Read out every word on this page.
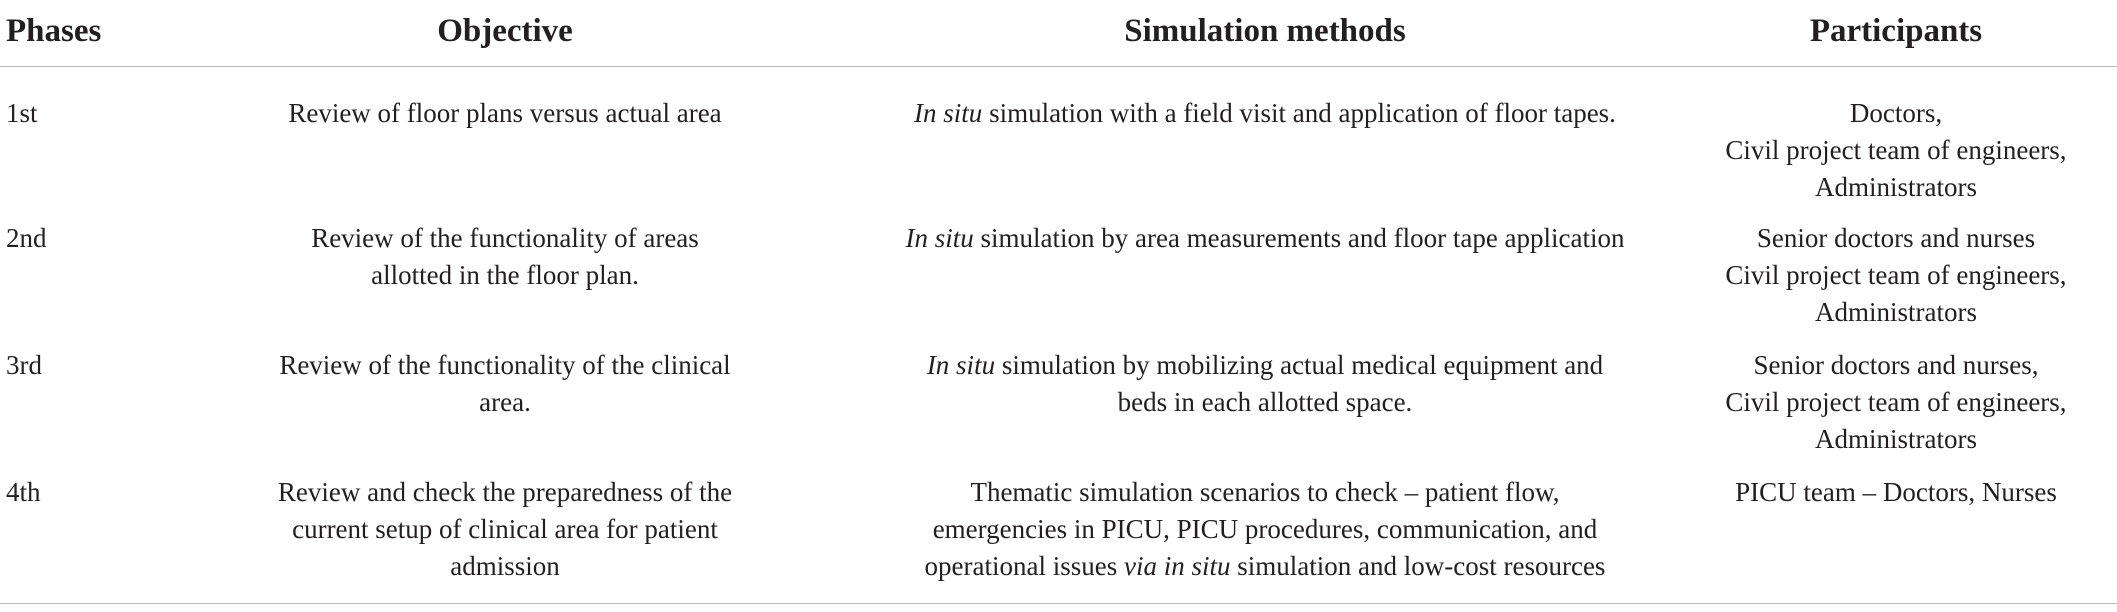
Phases	Objective	Simulation methods	Participants
1st	Review of floor plans versus actual area	In situ simulation with a field visit and application of floor tapes.	Doctors,
Civil project team of engineers,
Administrators

2nd	Review of the functionality of areas allotted in the floor plan.	In situ simulation by area measurements and floor tape application	Senior doctors and nurses
Civil project team of engineers,
Administrators

3rd	Review of the functionality of the clinical area.	In situ simulation by mobilizing actual medical equipment and beds in each allotted space.	Senior doctors and nurses,
Civil project team of engineers,
Administrators

4th	Review and check the preparedness of the current setup of clinical area for patient admission	Thematic simulation scenarios to check – patient flow, emergencies in PICU, PICU procedures, communication, and operational issues via in situ simulation and low-cost resources	PICU team – Doctors, Nurses
